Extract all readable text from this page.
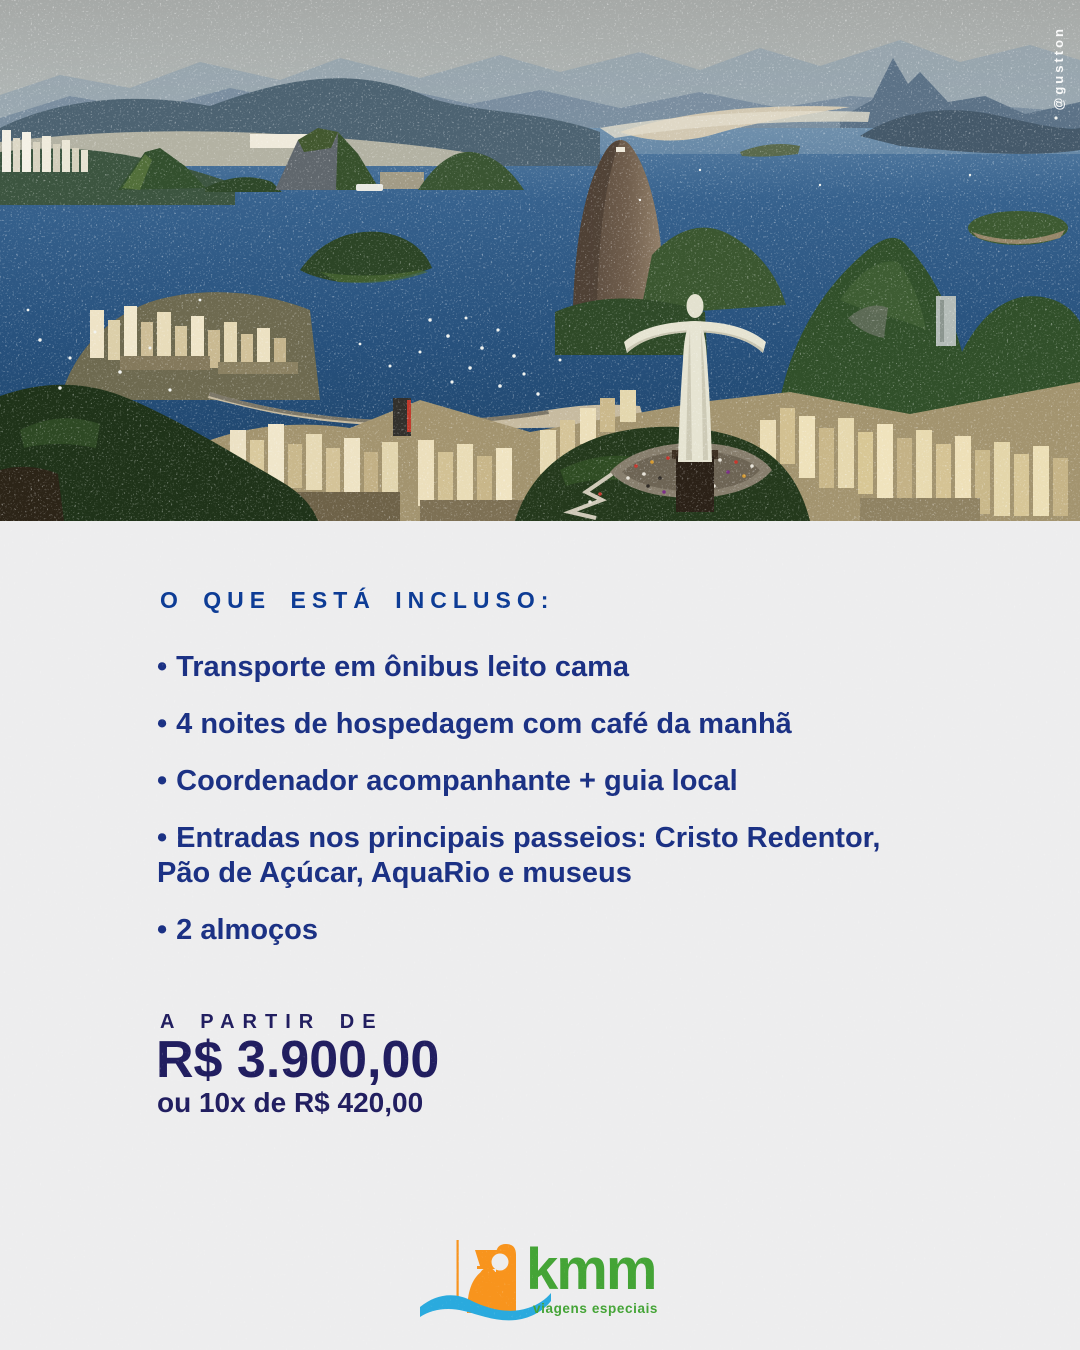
@gustton
O QUE ESTÁ INCLUSO:
• Transporte em ônibus leito cama
• 4 noites de hospedagem com café da manhã
• Coordenador acompanhante + guia local
• Entradas nos principais passeios: Cristo Redentor, Pão de Açúcar, AquaRio e museus
• 2 almoços
A PARTIR DE
R$ 3.900,00
ou 10x de R$ 420,00
kmm
viagens especiais
